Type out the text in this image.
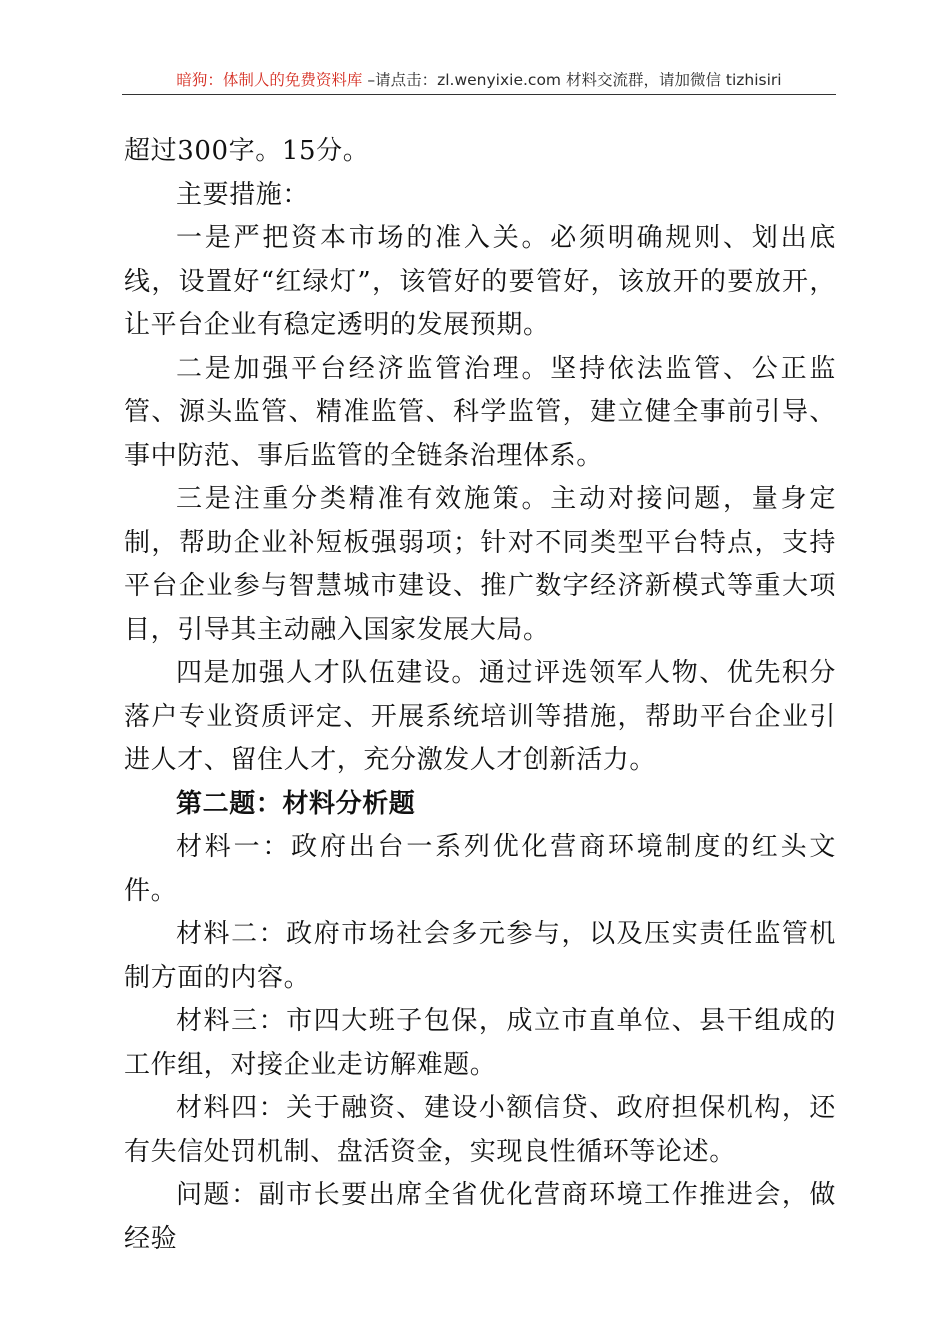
暗狗：体制人的免费资料库 –请点击：zl.wenyixie.com 材料交流群，请加微信 tizhisiri

超过300字。15分。

主要措施：

一是严把资本市场的准入关。必须明确规则、划出底线，设置好“红绿灯”，该管好的要管好，该放开的要放开，让平台企业有稳定透明的发展预期。

二是加强平台经济监管治理。坚持依法监管、公正监管、源头监管、精准监管、科学监管，建立健全事前引导、事中防范、事后监管的全链条治理体系。

三是注重分类精准有效施策。主动对接问题，量身定制，帮助企业补短板强弱项；针对不同类型平台特点，支持平台企业参与智慧城市建设、推广数字经济新模式等重大项目，引导其主动融入国家发展大局。

四是加强人才队伍建设。通过评选领军人物、优先积分落户专业资质评定、开展系统培训等措施，帮助平台企业引进人才、留住人才，充分激发人才创新活力。

第二题：材料分析题

材料一：政府出台一系列优化营商环境制度的红头文件。

材料二：政府市场社会多元参与，以及压实责任监管机制方面的内容。

材料三：市四大班子包保，成立市直单位、县干组成的工作组，对接企业走访解难题。

材料四：关于融资、建设小额信贷、政府担保机构，还有失信处罚机制、盘活资金，实现良性循环等论述。

问题：副市长要出席全省优化营商环境工作推进会，做经验
